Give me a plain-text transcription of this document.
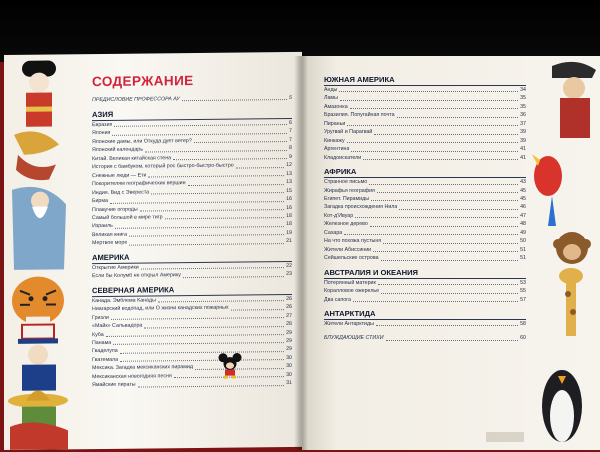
СОДЕРЖАНИЕ
ПРЕДИСЛОВИЕ ПРОФЕССОРА АУ	5
АЗИЯ
Евразия	6
Япония	7
Японские дамы, или Откуда дует ветер?	7
Японский календарь	8
Китай. Великая китайская стена	9
История с бамбуком, который рос быстро-быстро-быстро	12
Снежные люди — Ети	13
Покорителям географических вершин	13
Индия. Вид с Эвереста	15
Бирма	16
Плавучие огороды	16
Самый большой в мире тигр	18
Израиль	18
Великая книга	19
Мертвое море	21
АМЕРИКА
Открытие Америки	22
Если бы Колумб не открыл Америку	23
СЕВЕРНАЯ АМЕРИКА
Канада. Эмблема Канады	26
Ниагарский водопад, или О жизни канадских пожарных	26
Гризли	27
«Майк» Сальвадора	28
Куба	29
Панама	29
Гваделупа	29
Гватемала	30
Мексика. Загадка мексиканских пирамид	30
Мексиканская новогодняя песня	30
Ямайские пираты	31
ЮЖНАЯ АМЕРИКА
Анды	34
Ламы	35
Амазонка	35
Бразилия. Попугайная почта	36
Пираньи	37
Уругвай и Парагвай	39
Кинкажу	39
Аргентина	41
Кладоискатели	41
АФРИКА
Странное письмо	43
Жирафья география	45
Египет. Пирамиды	45
Загадка происхождения Нила	46
Кот-д'Ивуар	47
Железное дерево	48
Сахара	49
На что похожа пустыня	50
Жители Абиссинии	51
Сейшельские острова	51
АВСТРАЛИЯ И ОКЕАНИЯ
Потерянный материк	53
Коралловое ожерелье	55
Два сапога	57
АНТАРКТИДА
Жители Антарктиды	58
БЛУЖДАЮЩИЕ СТИХИ	60
